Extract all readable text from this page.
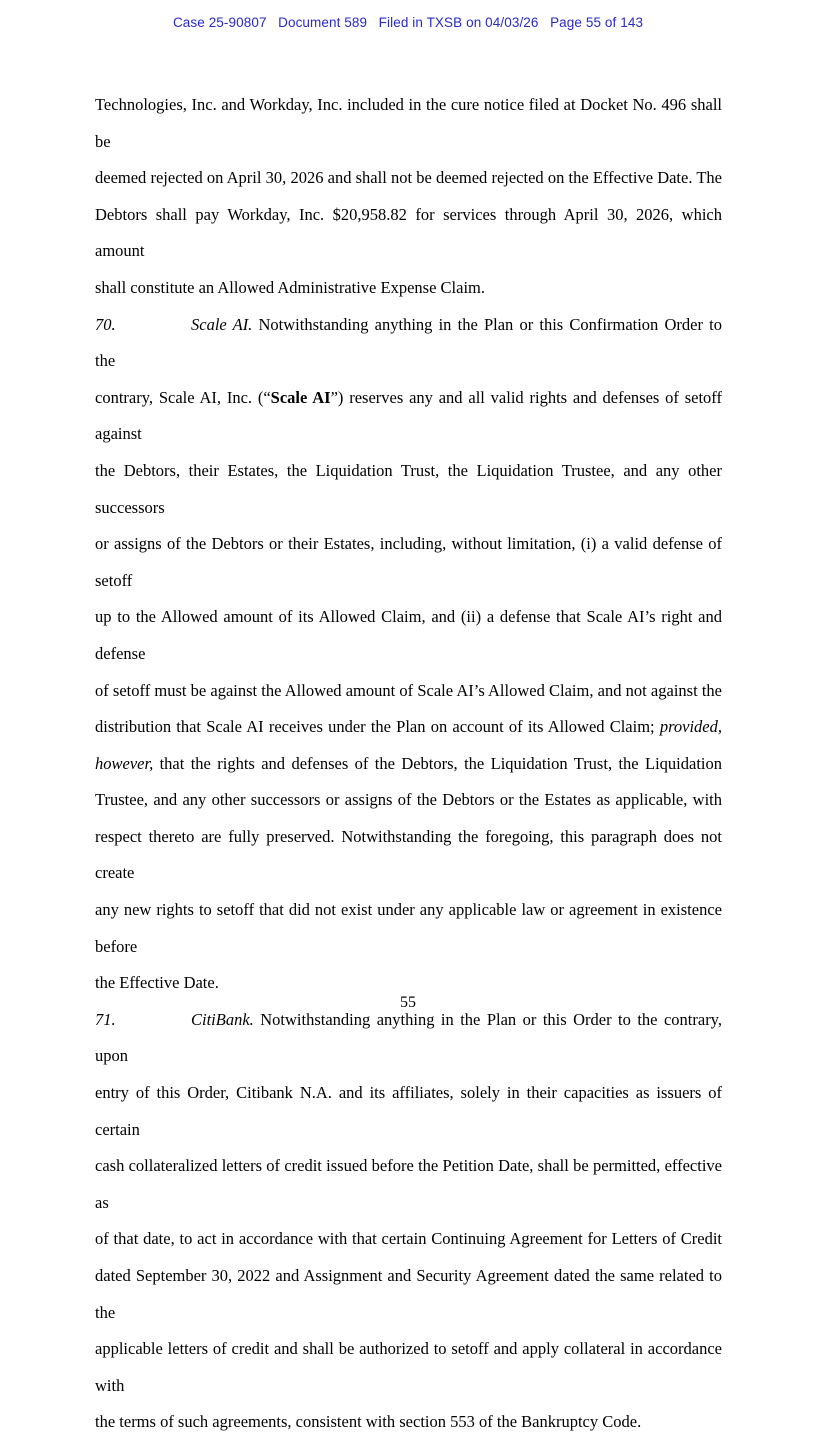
Case 25-90807   Document 589   Filed in TXSB on 04/03/26   Page 55 of 143
Technologies, Inc. and Workday, Inc. included in the cure notice filed at Docket No. 496 shall be
deemed rejected on April 30, 2026 and shall not be deemed rejected on the Effective Date. The
Debtors shall pay Workday, Inc. $20,958.82 for services through April 30, 2026, which amount
shall constitute an Allowed Administrative Expense Claim.
70.	Scale AI. Notwithstanding anything in the Plan or this Confirmation Order to the
contrary, Scale AI, Inc. (“Scale AI”) reserves any and all valid rights and defenses of setoff against
the Debtors, their Estates, the Liquidation Trust, the Liquidation Trustee, and any other successors
or assigns of the Debtors or their Estates, including, without limitation, (i) a valid defense of setoff
up to the Allowed amount of its Allowed Claim, and (ii) a defense that Scale AI’s right and defense
of setoff must be against the Allowed amount of Scale AI’s Allowed Claim, and not against the
distribution that Scale AI receives under the Plan on account of its Allowed Claim; provided,
however, that the rights and defenses of the Debtors, the Liquidation Trust, the Liquidation
Trustee, and any other successors or assigns of the Debtors or the Estates as applicable, with
respect thereto are fully preserved. Notwithstanding the foregoing, this paragraph does not create
any new rights to setoff that did not exist under any applicable law or agreement in existence before
the Effective Date.
71.	CitiBank. Notwithstanding anything in the Plan or this Order to the contrary, upon
entry of this Order, Citibank N.A. and its affiliates, solely in their capacities as issuers of certain
cash collateralized letters of credit issued before the Petition Date, shall be permitted, effective as
of that date, to act in accordance with that certain Continuing Agreement for Letters of Credit
dated September 30, 2022 and Assignment and Security Agreement dated the same related to the
applicable letters of credit and shall be authorized to setoff and apply collateral in accordance with
the terms of such agreements, consistent with section 553 of the Bankruptcy Code.
55
